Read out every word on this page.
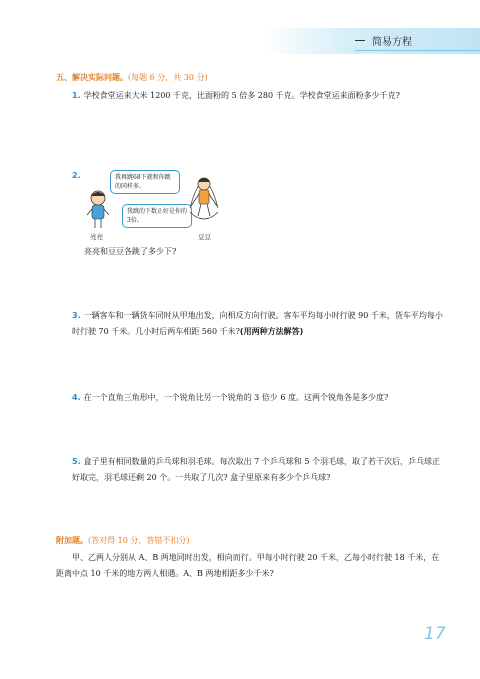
简易方程
五、解决实际问题。(每题 6 分，共 30 分)
1. 学校食堂运来大米 1200 千克，比面粉的 5 倍多 280 千克。学校食堂运来面粉多少千克?
2.	我再跳68下就和你跳的同样多。
我跳的下数正好是你的3倍。
亮亮	豆豆
亮亮和豆豆各跳了多少下?
3. 一辆客车和一辆货车同时从甲地出发，向相反方向行驶。客车平均每小时行驶 90 千米，货车平均每小时行驶 70 千米。几小时后两车相距 560 千米?(用两种方法解答)
4. 在一个直角三角形中，一个锐角比另一个锐角的 3 倍少 6 度。这两个锐角各是多少度?
5. 盒子里有相同数量的乒乓球和羽毛球。每次取出 7 个乒乓球和 5 个羽毛球，取了若干次后，乒乓球正好取完，羽毛球还剩 20 个。一共取了几次? 盒子里原来有多少个乒乓球?
附加题。(答对得 10 分，答错不扣分)
甲、乙两人分别从 A、B 两地同时出发，相向而行。甲每小时行驶 20 千米，乙每小时行驶 18 千米，在距离中点 10 千米的地方两人相遇。A、B 两地相距多少千米?
17
